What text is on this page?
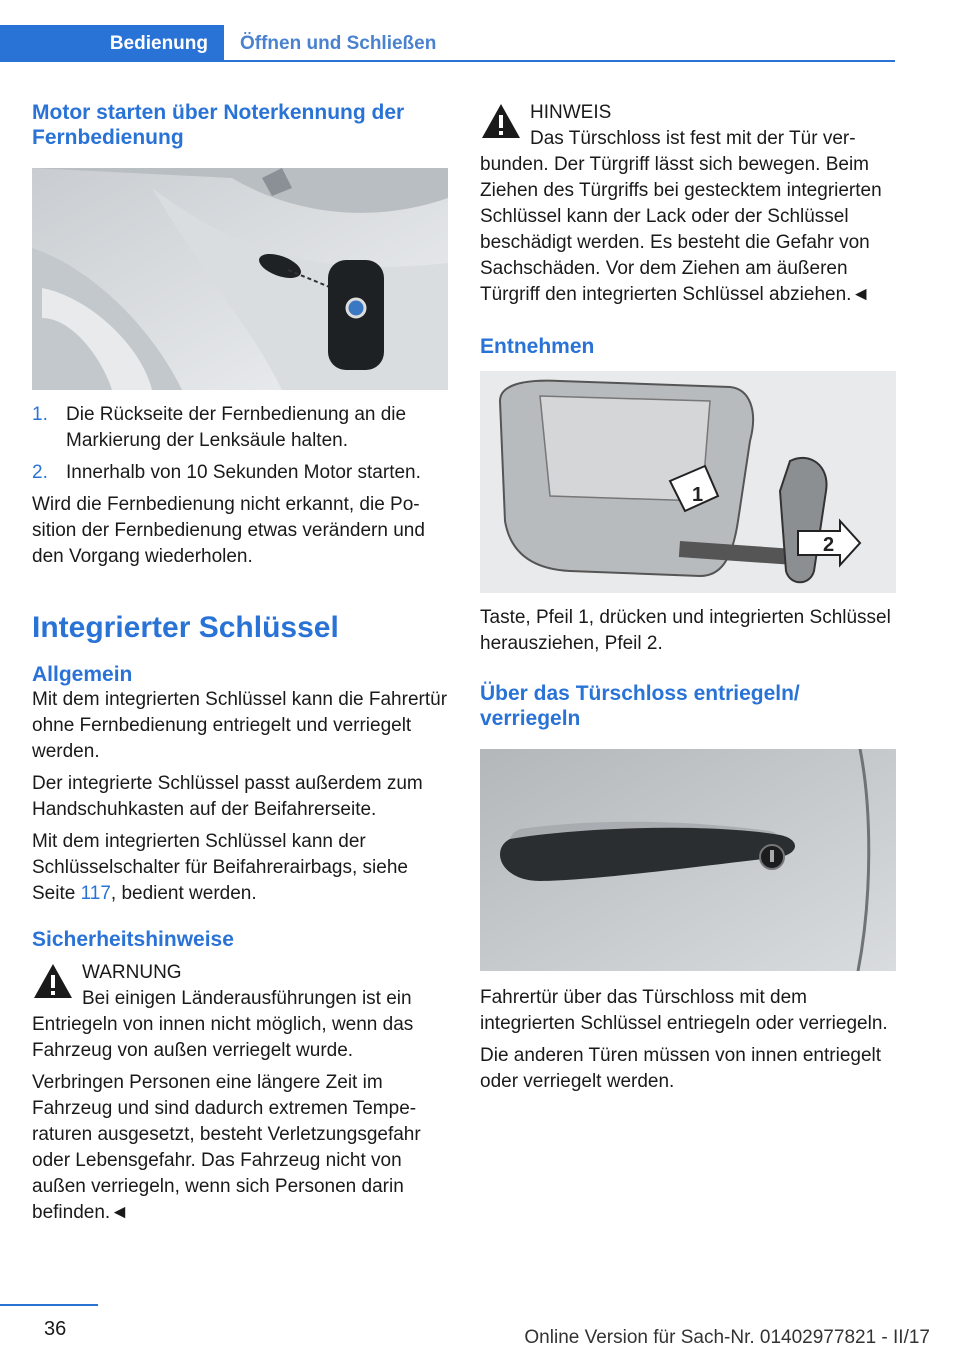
Bedienung	Öffnen und Schließen
Motor starten über Noterkennung der Fernbedienung
1. Die Rückseite der Fernbedienung an die Markierung der Lenksäule halten.
2. Innerhalb von 10 Sekunden Motor starten.

Wird die Fernbedienung nicht erkannt, die Position der Fernbedienung etwas verändern und den Vorgang wiederholen.

Integrierter Schlüssel
Allgemein

Mit dem integrierten Schlüssel kann die Fahrertür ohne Fernbedienung entriegelt und verriegelt werden.

Der integrierte Schlüssel passt außerdem zum Handschuhkasten auf der Beifahrerseite.

Mit dem integrierten Schlüssel kann der Schlüsselschalter für Beifahrerairbags, siehe Seite 117, bedient werden.

Sicherheitshinweise
WARNUNG

Bei einigen Länderausführungen ist ein Entriegeln von innen nicht möglich, wenn das Fahrzeug von außen verriegelt wurde.

Verbringen Personen eine längere Zeit im Fahrzeug und sind dadurch extremen Temperaturen ausgesetzt, besteht Verletzungsgefahr oder Lebensgefahr. Das Fahrzeug nicht von außen verriegeln, wenn sich Personen darin befinden.◄

HINWEIS

Das Türschloss ist fest mit der Tür verbunden. Der Türgriff lässt sich bewegen. Beim Ziehen des Türgriffs bei gestecktem integrierten Schlüssel kann der Lack oder der Schlüssel beschädigt werden. Es besteht die Gefahr von Sachschäden. Vor dem Ziehen am äußeren Türgriff den integrierten Schlüssel abziehen.◄

Entnehmen
1
2

Taste, Pfeil 1, drücken und integrierten Schlüssel herausziehen, Pfeil 2.

Über das Türschloss entriegeln/ verriegeln

Fahrertür über das Türschloss mit dem integrierten Schlüssel entriegeln oder verriegeln.

Die anderen Türen müssen von innen entriegelt oder verriegelt werden.

36	Online Version für Sach-Nr. 01402977821 - II/17
